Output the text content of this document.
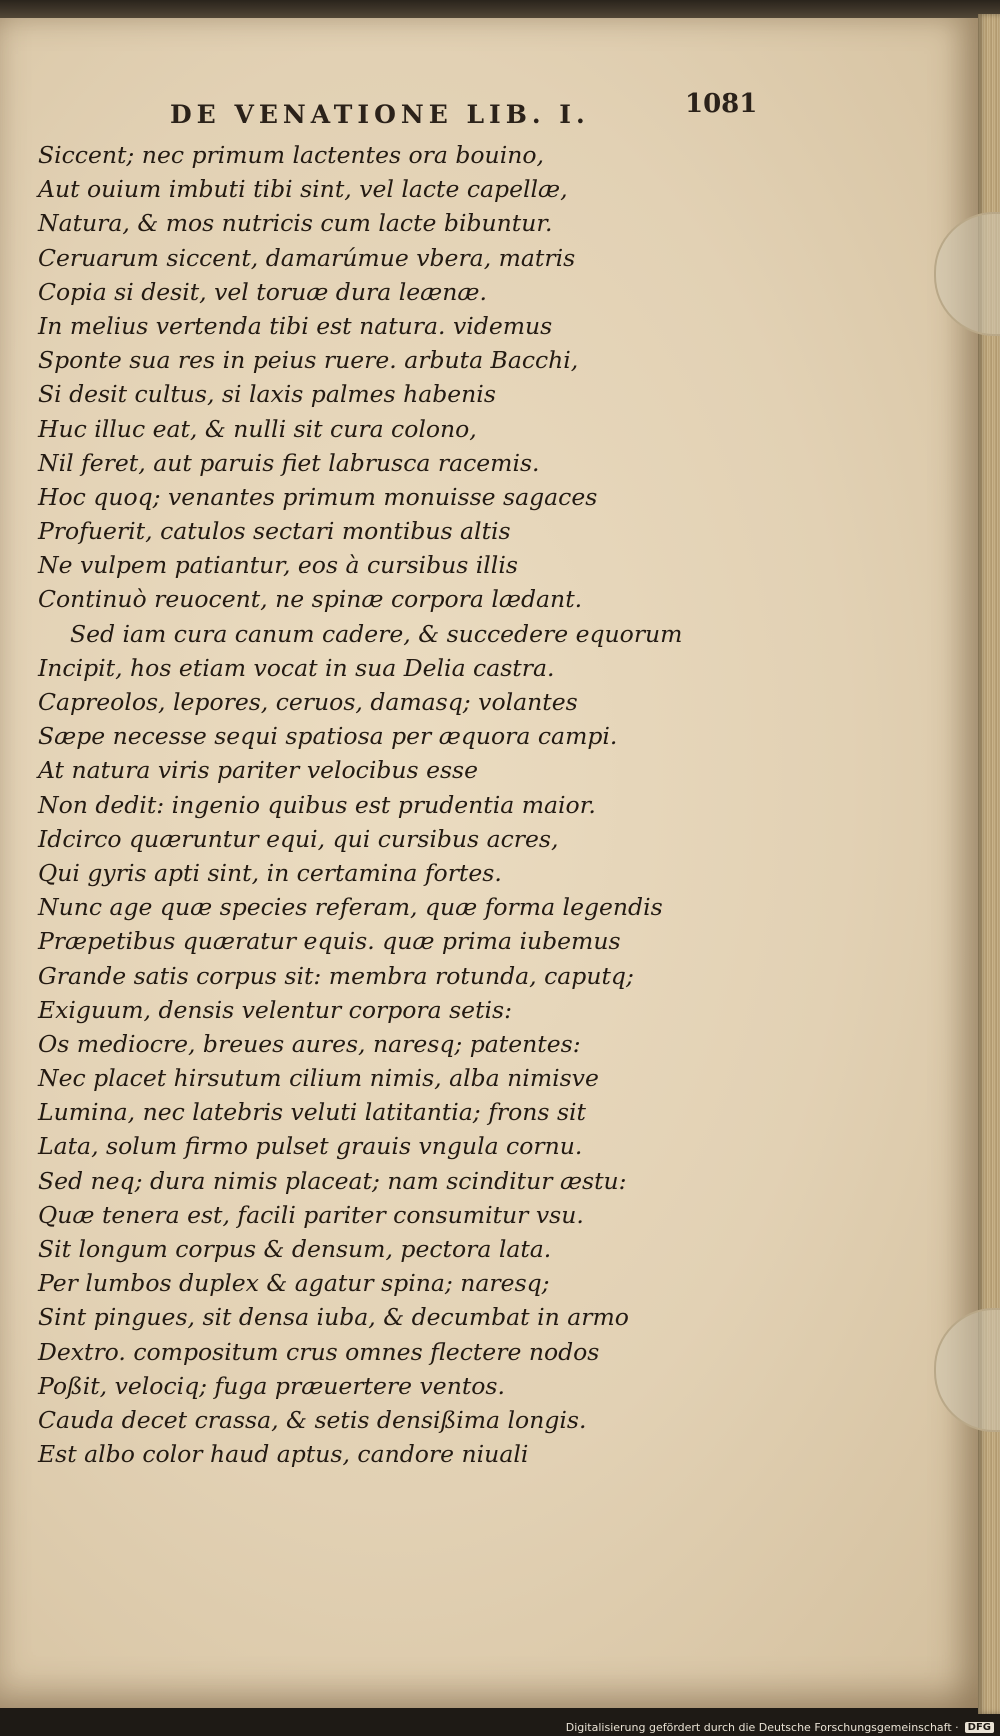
DE VENATIONE LIB. I.	1081
Siccent; nec primum lactentes ora bouino,
Aut ouium imbuti tibi sint, vel lacte capellæ,
Natura, & mos nutricis cum lacte bibuntur.
Ceruarum siccent, damarúmue vbera, matris
Copia si desit, vel toruæ dura leænæ.
In melius vertenda tibi est natura. videmus
Sponte sua res in peius ruere. arbuta Bacchi,
Si desit cultus, si laxis palmes habenis
Huc illuc eat, & nulli sit cura colono,
Nil feret, aut paruis fiet labrusca racemis.
Hoc quoq; venantes primum monuisse sagaces
Profuerit, catulos sectari montibus altis
Ne vulpem patiantur, eos à cursibus illis
Continuò reuocent, ne spinæ corpora lædant.
Sed iam cura canum cadere, & succedere equorum
Incipit, hos etiam vocat in sua Delia castra.
Capreolos, lepores, ceruos, damasq; volantes
Sæpe necesse sequi spatiosa per æquora campi.
At natura viris pariter velocibus esse
Non dedit: ingenio quibus est prudentia maior.
Idcirco quæruntur equi, qui cursibus acres,
Qui gyris apti sint, in certamina fortes.
Nunc age quæ species referam, quæ forma legendis
Præpetibus quæratur equis. quæ prima iubemus
Grande satis corpus sit: membra rotunda, caputq;
Exiguum, densis velentur corpora setis:
Os mediocre, breues aures, naresq; patentes:
Nec placet hirsutum cilium nimis, alba nimisve
Lumina, nec latebris veluti latitantia; frons sit
Lata, solum firmo pulset grauis vngula cornu.
Sed neq; dura nimis placeat; nam scinditur æstu:
Quæ tenera est, facili pariter consumitur vsu.
Sit longum corpus & densum, pectora lata.
Per lumbos duplex & agatur spina; naresq;
Sint pingues, sit densa iuba, & decumbat in armo
Dextro. compositum crus omnes flectere nodos
Poßit, velociq; fuga præuertere ventos.
Cauda decet crassa, & setis densißima longis.
Est albo color haud aptus, candore niuali
Digitalisierung gefördert durch die Deutsche Forschungsgemeinschaft · DFG
